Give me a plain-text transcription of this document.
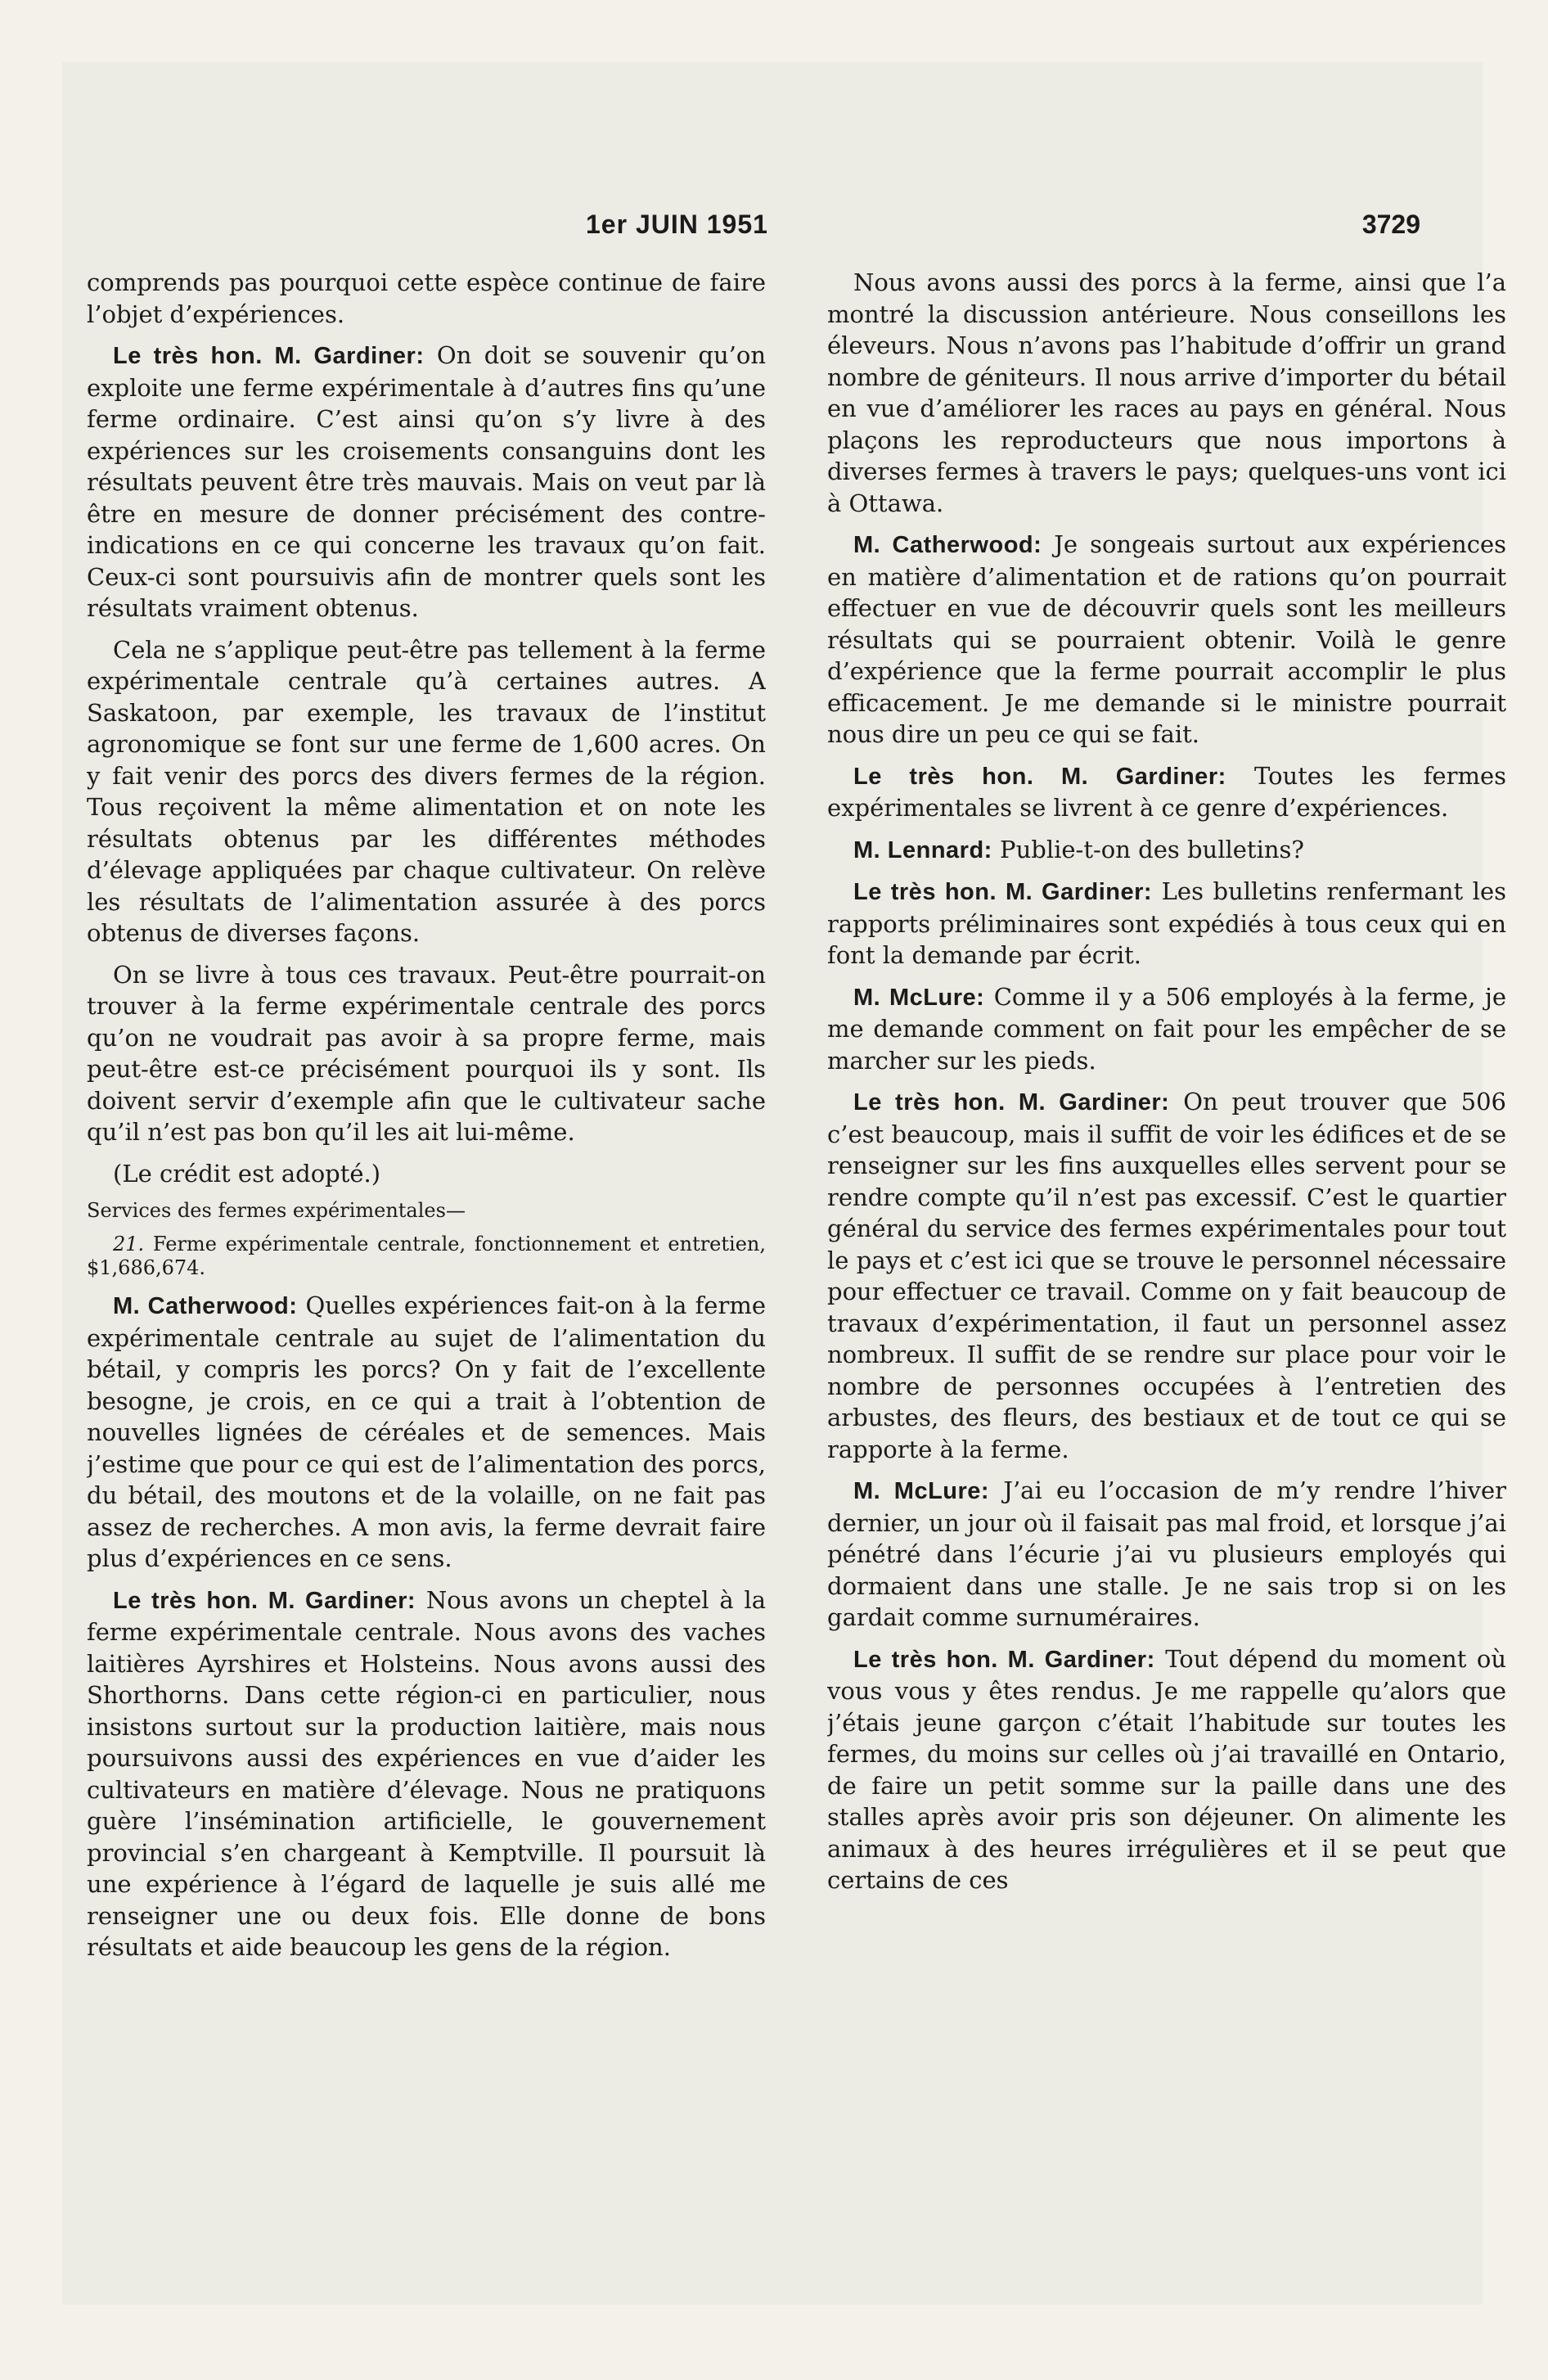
1er JUIN 1951	3729

comprends pas pourquoi cette espèce continue de faire l’objet d’expériences.

Le très hon. M. Gardiner: On doit se souvenir qu’on exploite une ferme expérimentale à d’autres fins qu’une ferme ordinaire. C’est ainsi qu’on s’y livre à des expériences sur les croisements consanguins dont les résultats peuvent être très mauvais. Mais on veut par là être en mesure de donner précisément des contre-indications en ce qui concerne les travaux qu’on fait. Ceux-ci sont poursuivis afin de montrer quels sont les résultats vraiment obtenus.

Cela ne s’applique peut-être pas tellement à la ferme expérimentale centrale qu’à certaines autres. A Saskatoon, par exemple, les travaux de l’institut agronomique se font sur une ferme de 1,600 acres. On y fait venir des porcs des divers fermes de la région. Tous reçoivent la même alimentation et on note les résultats obtenus par les différentes méthodes d’élevage appliquées par chaque cultivateur. On relève les résultats de l’alimentation assurée à des porcs obtenus de diverses façons.

On se livre à tous ces travaux. Peut-être pourrait-on trouver à la ferme expérimentale centrale des porcs qu’on ne voudrait pas avoir à sa propre ferme, mais peut-être est-ce précisément pourquoi ils y sont. Ils doivent servir d’exemple afin que le cultivateur sache qu’il n’est pas bon qu’il les ait lui-même.

(Le crédit est adopté.)

Services des fermes expérimentales—

21. Ferme expérimentale centrale, fonctionnement et entretien, $1,686,674.

M. Catherwood: Quelles expériences fait-on à la ferme expérimentale centrale au sujet de l’alimentation du bétail, y compris les porcs? On y fait de l’excellente besogne, je crois, en ce qui a trait à l’obtention de nouvelles lignées de céréales et de semences. Mais j’estime que pour ce qui est de l’alimentation des porcs, du bétail, des moutons et de la volaille, on ne fait pas assez de recherches. A mon avis, la ferme devrait faire plus d’expériences en ce sens.

Le très hon. M. Gardiner: Nous avons un cheptel à la ferme expérimentale centrale. Nous avons des vaches laitières Ayrshires et Holsteins. Nous avons aussi des Shorthorns. Dans cette région-ci en particulier, nous insistons surtout sur la production laitière, mais nous poursuivons aussi des expériences en vue d’aider les cultivateurs en matière d’élevage. Nous ne pratiquons guère l’insémination artificielle, le gouvernement provincial s’en chargeant à Kemptville. Il poursuit là une expérience à l’égard de laquelle je suis allé me renseigner une ou deux fois. Elle donne de bons résultats et aide beaucoup les gens de la région.

Nous avons aussi des porcs à la ferme, ainsi que l’a montré la discussion antérieure. Nous conseillons les éleveurs. Nous n’avons pas l’habitude d’offrir un grand nombre de géniteurs. Il nous arrive d’importer du bétail en vue d’améliorer les races au pays en général. Nous plaçons les reproducteurs que nous importons à diverses fermes à travers le pays; quelques-uns vont ici à Ottawa.

M. Catherwood: Je songeais surtout aux expériences en matière d’alimentation et de rations qu’on pourrait effectuer en vue de découvrir quels sont les meilleurs résultats qui se pourraient obtenir. Voilà le genre d’expérience que la ferme pourrait accomplir le plus efficacement. Je me demande si le ministre pourrait nous dire un peu ce qui se fait.

Le très hon. M. Gardiner: Toutes les fermes expérimentales se livrent à ce genre d’expériences.

M. Lennard: Publie-t-on des bulletins?

Le très hon. M. Gardiner: Les bulletins renfermant les rapports préliminaires sont expédiés à tous ceux qui en font la demande par écrit.

M. McLure: Comme il y a 506 employés à la ferme, je me demande comment on fait pour les empêcher de se marcher sur les pieds.

Le très hon. M. Gardiner: On peut trouver que 506 c’est beaucoup, mais il suffit de voir les édifices et de se renseigner sur les fins auxquelles elles servent pour se rendre compte qu’il n’est pas excessif. C’est le quartier général du service des fermes expérimentales pour tout le pays et c’est ici que se trouve le personnel nécessaire pour effectuer ce travail. Comme on y fait beaucoup de travaux d’expérimentation, il faut un personnel assez nombreux. Il suffit de se rendre sur place pour voir le nombre de personnes occupées à l’entretien des arbustes, des fleurs, des bestiaux et de tout ce qui se rapporte à la ferme.

M. McLure: J’ai eu l’occasion de m’y rendre l’hiver dernier, un jour où il faisait pas mal froid, et lorsque j’ai pénétré dans l’écurie j’ai vu plusieurs employés qui dormaient dans une stalle. Je ne sais trop si on les gardait comme surnuméraires.

Le très hon. M. Gardiner: Tout dépend du moment où vous vous y êtes rendus. Je me rappelle qu’alors que j’étais jeune garçon c’était l’habitude sur toutes les fermes, du moins sur celles où j’ai travaillé en Ontario, de faire un petit somme sur la paille dans une des stalles après avoir pris son déjeuner. On alimente les animaux à des heures irrégulières et il se peut que certains de ces
